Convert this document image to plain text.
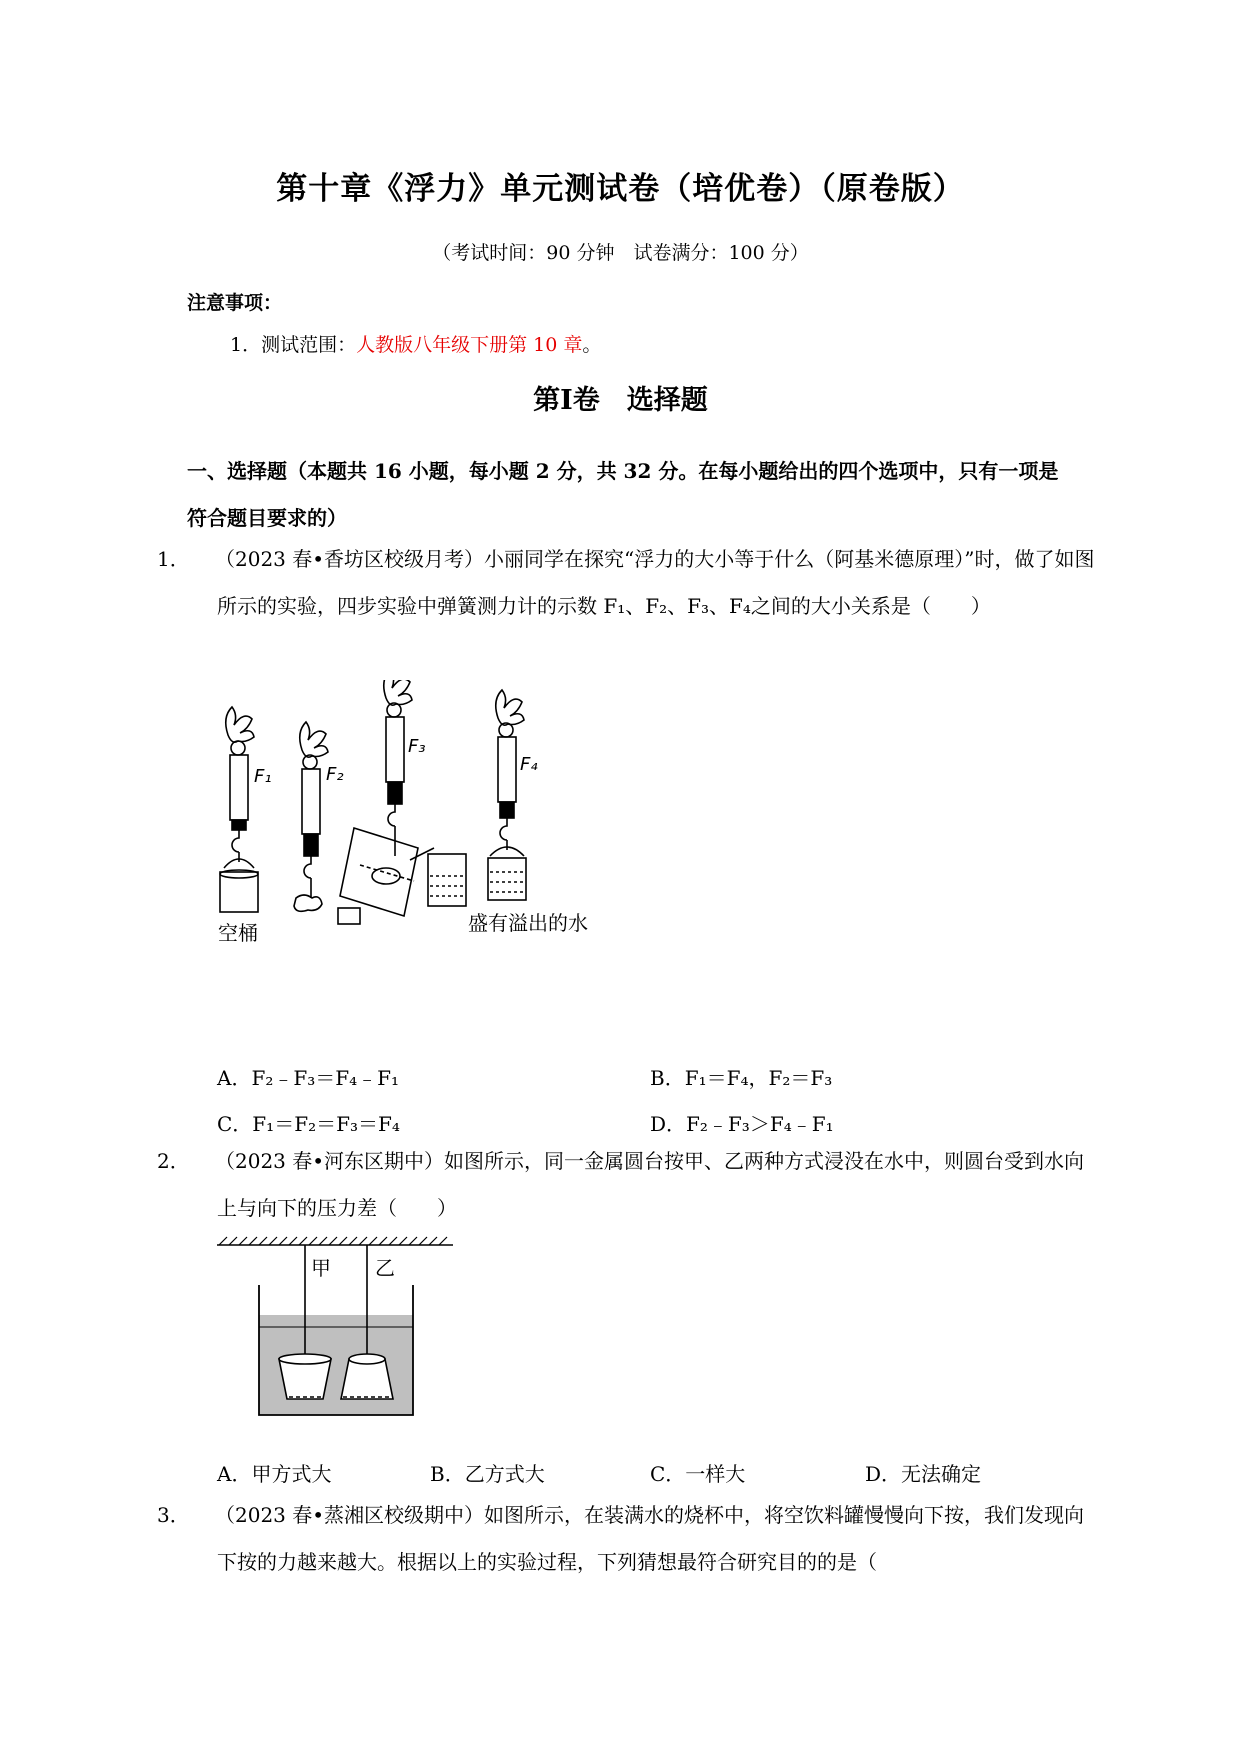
第十章《浮力》单元测试卷（培优卷）（原卷版）
（考试时间：90 分钟　试卷满分：100 分）
注意事项：
1．测试范围：人教版八年级下册第 10 章。
第Ⅰ卷　选择题
一、选择题（本题共 16 小题，每小题 2 分，共 32 分。在每小题给出的四个选项中，只有一项是符合题目要求的）
1． （2023 春•香坊区校级月考）小丽同学在探究“浮力的大小等于什么（阿基米德原理）”时，做了如图所示的实验，四步实验中弹簧测力计的示数 F₁、F₂、F₃、F₄之间的大小关系是（　　）
F₁	F₂
F₃
F₄
空桶	盛有溢出的水
A．F₂﹣F₃＝F₄﹣F₁	B．F₁＝F₄，F₂＝F₃
C．F₁＝F₂＝F₃＝F₄	D．F₂﹣F₃＞F₄﹣F₁
2． （2023 春•河东区期中）如图所示，同一金属圆台按甲、乙两种方式浸没在水中，则圆台受到水向上与向下的压力差（　　）
甲 乙
A．甲方式大	B．乙方式大	C．一样大	D．无法确定
3． （2023 春•蒸湘区校级期中）如图所示，在装满水的烧杯中，将空饮料罐慢慢向下按，我们发现向下按的力越来越大。根据以上的实验过程，下列猜想最符合研究目的的是（
